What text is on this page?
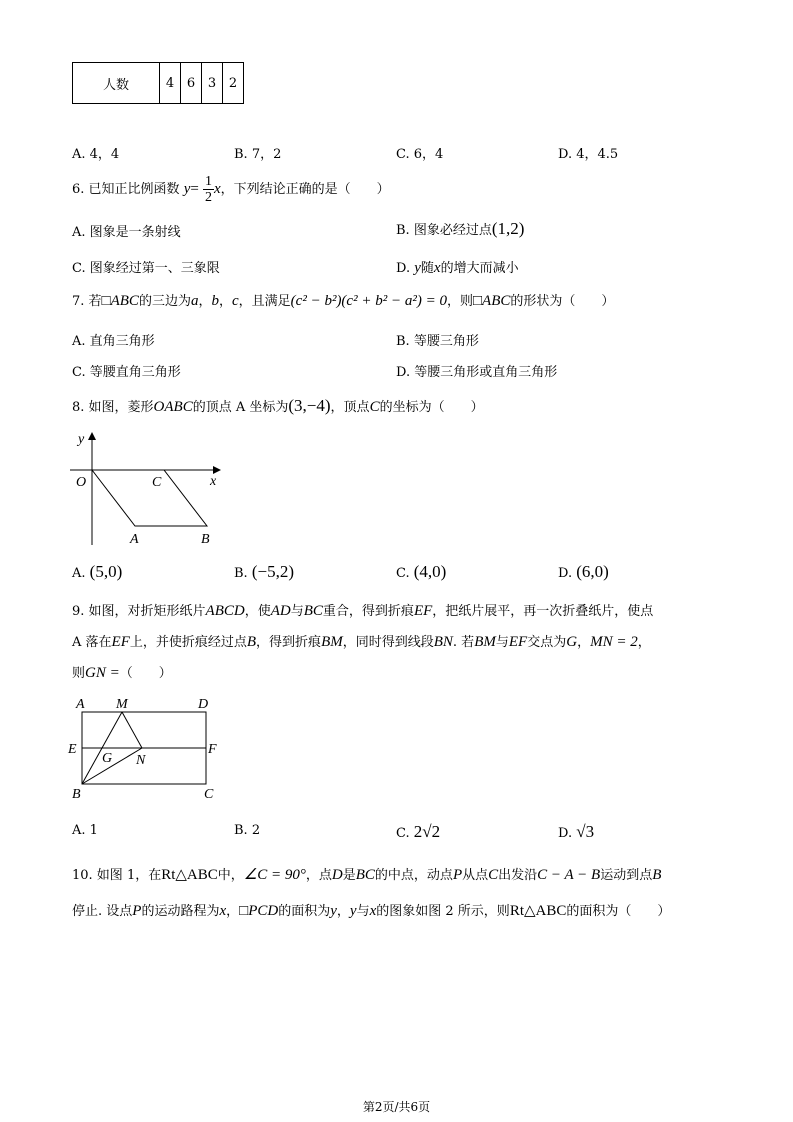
人数	4	6	3	2
A. 4，4	B. 7，2	C. 6，4	D. 4，4.5
6. 已知正比例函数 $y= \frac{1}{2}$ x，下列结论正确的是（　　）
A. 图象是一条射线	B. 图象必经过点(1,2)
C. 图象经过第一、三象限	D. y随x的增大而减小
7. 若□ABC的三边为a，b，c，且满足(c² − b²)(c² + b² − a²) = 0，则□ABC的形状为（　　）
A. 直角三角形	B. 等腰三角形
C. 等腰直角三角形	D. 等腰三角形或直角三角形
8. 如图，菱形OABC的顶点 A 坐标为(3,−4)，顶点C的坐标为（　　）
y
x
O	C
A	B
A. (5,0)	B. (−5,2)	C. (4,0)	D. (6,0)
9. 如图，对折矩形纸片ABCD，使AD与BC重合，得到折痕EF，把纸片展平，再一次折叠纸片，使点
A 落在EF上，并使折痕经过点B，得到折痕BM，同时得到线段BN. 若BM与EF交点为G，MN = 2，
则GN =（　　）
A M	D
E	F
G N
B	C
A. 1	B. 2	C. 2√2	D. √3
10. 如图 1，在Rt△ABC中，∠C = 90°，点D是BC的中点，动点P从点C出发沿C − A − B运动到点B
停止. 设点P的运动路程为x，□PCD的面积为y，y与x的图象如图 2 所示，则Rt△ABC的面积为（　　）
第2页/共6页
